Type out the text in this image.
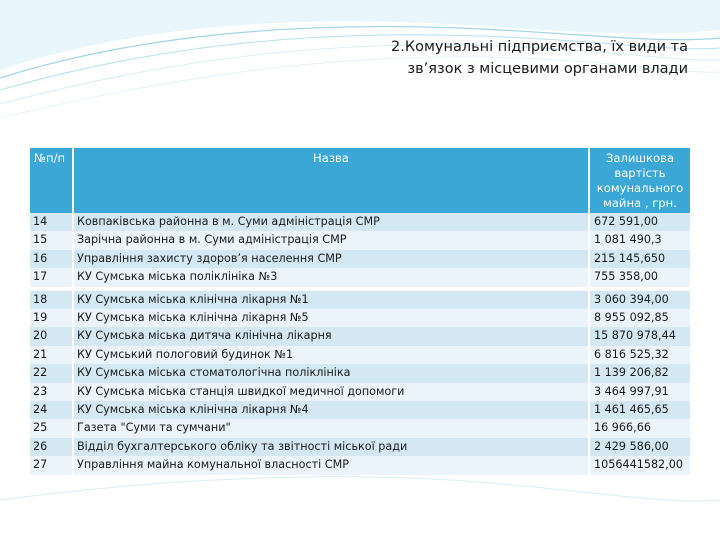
2.Комунальні підприємства, їх види та
зв’язок з місцевими органами влади
№п/п	Назва	Залишкова вартість комунального майна , грн.
14	Ковпаківська районна в м. Суми адміністрація СМР	672 591,00
15	Зарічна районна в м. Суми адміністрація СМР	1 081 490,3
16	Управління захисту здоров’я населення СМР	215 145,650
17	КУ Сумська міська поліклініка №3	755 358,00
18	КУ Сумська міська клінічна лікарня №1	3 060 394,00
19	КУ Сумська міська клінічна лікарня №5	8 955 092,85
20	КУ Сумська міська дитяча клінічна лікарня	15 870 978,44
21	КУ Сумський пологовий будинок №1	6 816 525,32
22	КУ Сумська міська стоматологічна поліклініка	1 139 206,82
23	КУ Сумська міська станція швидкої медичної допомоги	3 464 997,91
24	КУ Сумська міська клінічна лікарня №4	1 461 465,65
25	Газета "Суми та сумчани"	16 966,66
26	Відділ бухгалтерського обліку та звітності міської ради	2 429 586,00
27	Управління майна комунальної власності СМР	1056441582,00
